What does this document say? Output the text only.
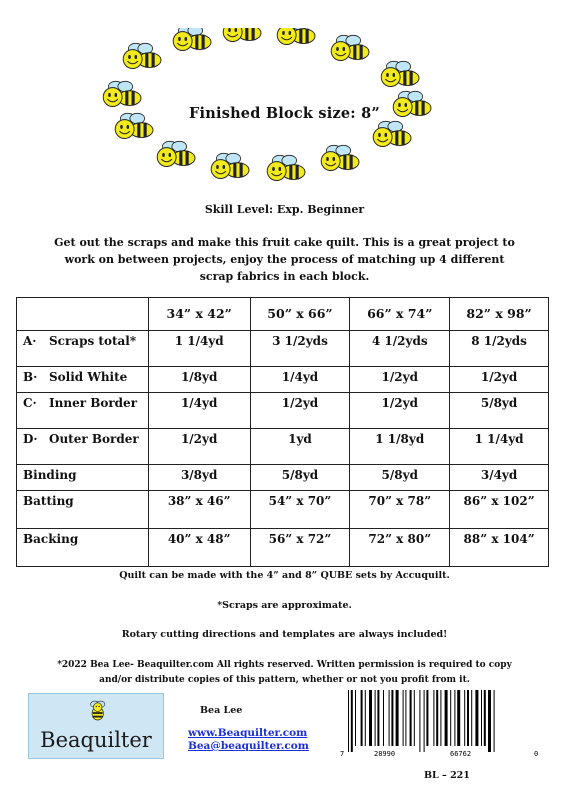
Finished Block size: 8”
Skill Level: Exp. Beginner
Get out the scraps and make this fruit cake quilt. This is a great project to
work on between projects, enjoy the process of matching up 4 different
scrap fabrics in each block.
	34” x 42”	50” x 66”	66” x 74”	82” x 98”

A· Scraps total*	1 1/4yd	3 1/2yds	4 1/2yds	8 1/2yds

B· Solid White	1/8yd	1/4yd	1/2yd	1/2yd

C· Inner Border	1/4yd	1/2yd	1/2yd	5/8yd

D· Outer Border	1/2yd	1yd	1 1/8yd	1 1/4yd

Binding	3/8yd	5/8yd	5/8yd	3/4yd

Batting	38” x 46”	54” x 70”	70” x 78”	86” x 102”

Backing	40” x 48”	56” x 72”	72” x 80”	88” x 104”
Quilt can be made with the 4” and 8” QUBE sets by Accuquilt.
*Scraps are approximate.
Rotary cutting directions and templates are always included!
*2022 Bea Lee- Beaquilter.com All rights reserved. Written permission is required to copy
and/or distribute copies of this pattern, whether or not you profit from it.
Beaquilter
Bea Lee
www.Beaquilter.com
Bea@beaquilter.com
7	28990	66762	0
BL – 221
